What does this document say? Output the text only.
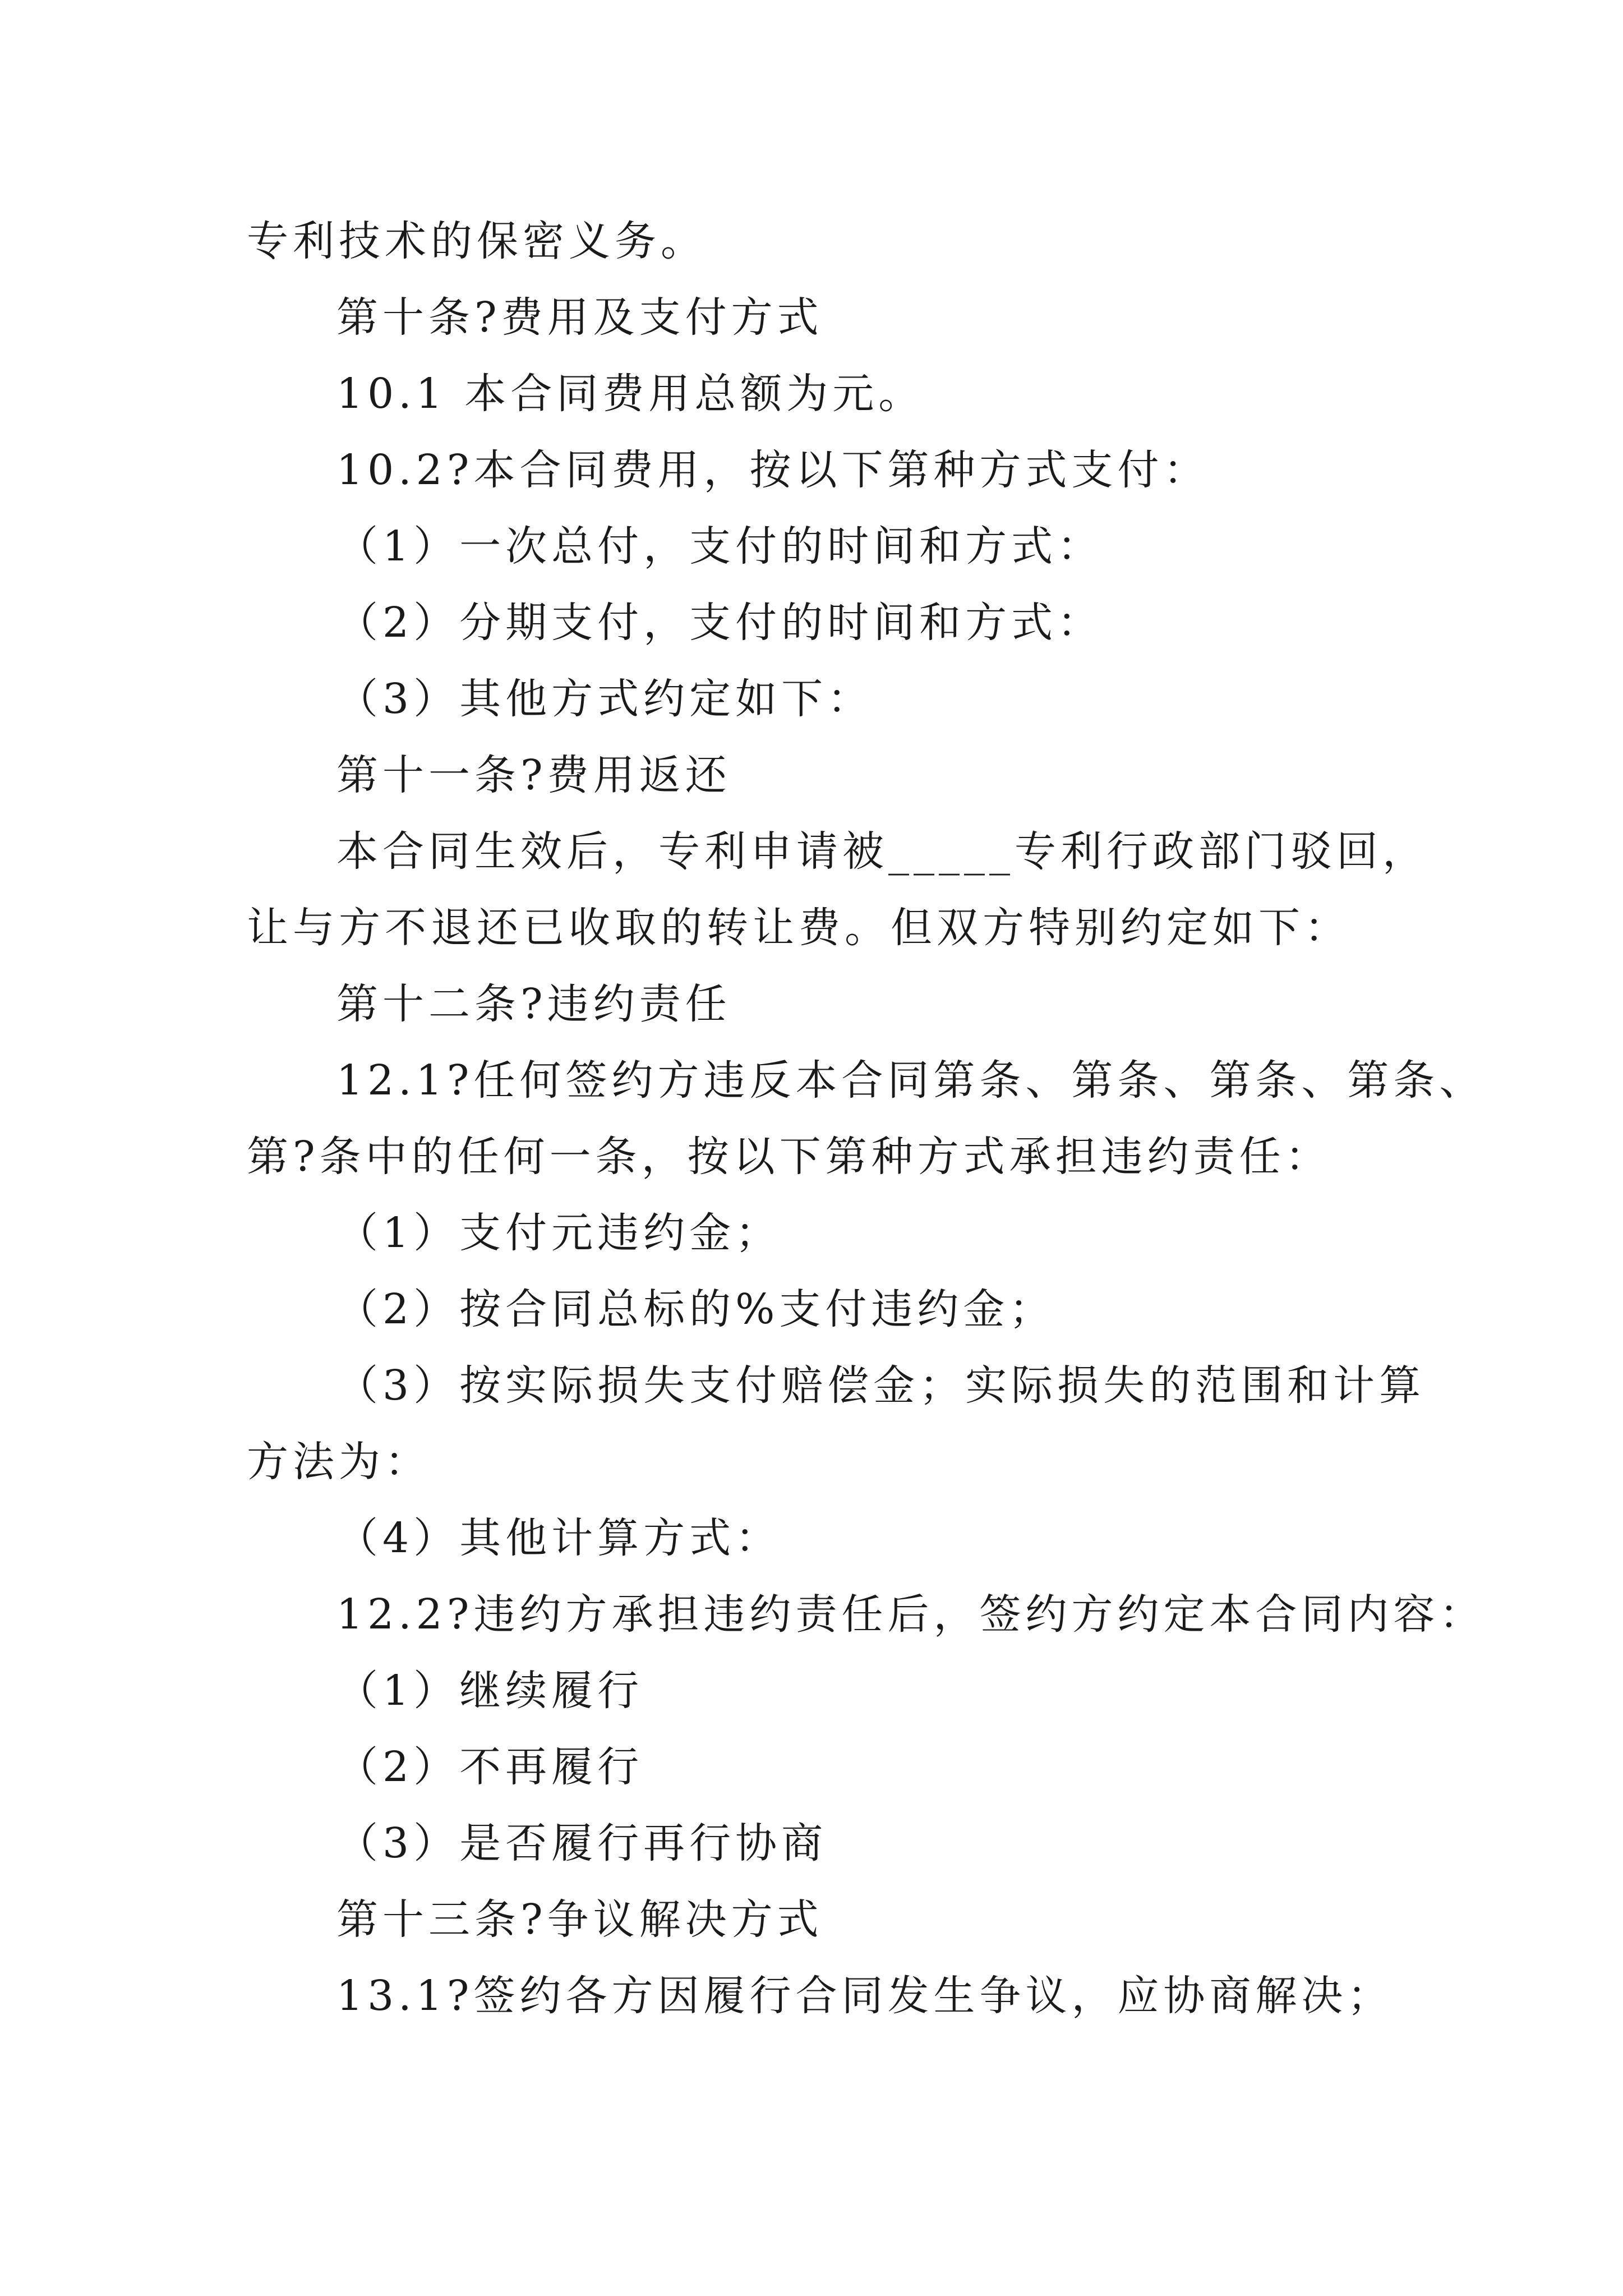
专利技术的保密义务。
第十条?费用及支付方式
10.1 本合同费用总额为元。
10.2?本合同费用，按以下第种方式支付：
（1）一次总付，支付的时间和方式：
（2）分期支付，支付的时间和方式：
（3）其他方式约定如下：
第十一条?费用返还
本合同生效后，专利申请被_____专利行政部门驳回，
让与方不退还已收取的转让费。但双方特别约定如下：
第十二条?违约责任
12.1?任何签约方违反本合同第条、第条、第条、第条、
第?条中的任何一条，按以下第种方式承担违约责任：
（1）支付元违约金；
（2）按合同总标的%支付违约金；
（3）按实际损失支付赔偿金；实际损失的范围和计算
方法为：
（4）其他计算方式：
12.2?违约方承担违约责任后，签约方约定本合同内容：
（1）继续履行
（2）不再履行
（3）是否履行再行协商
第十三条?争议解决方式
13.1?签约各方因履行合同发生争议，应协商解决；
